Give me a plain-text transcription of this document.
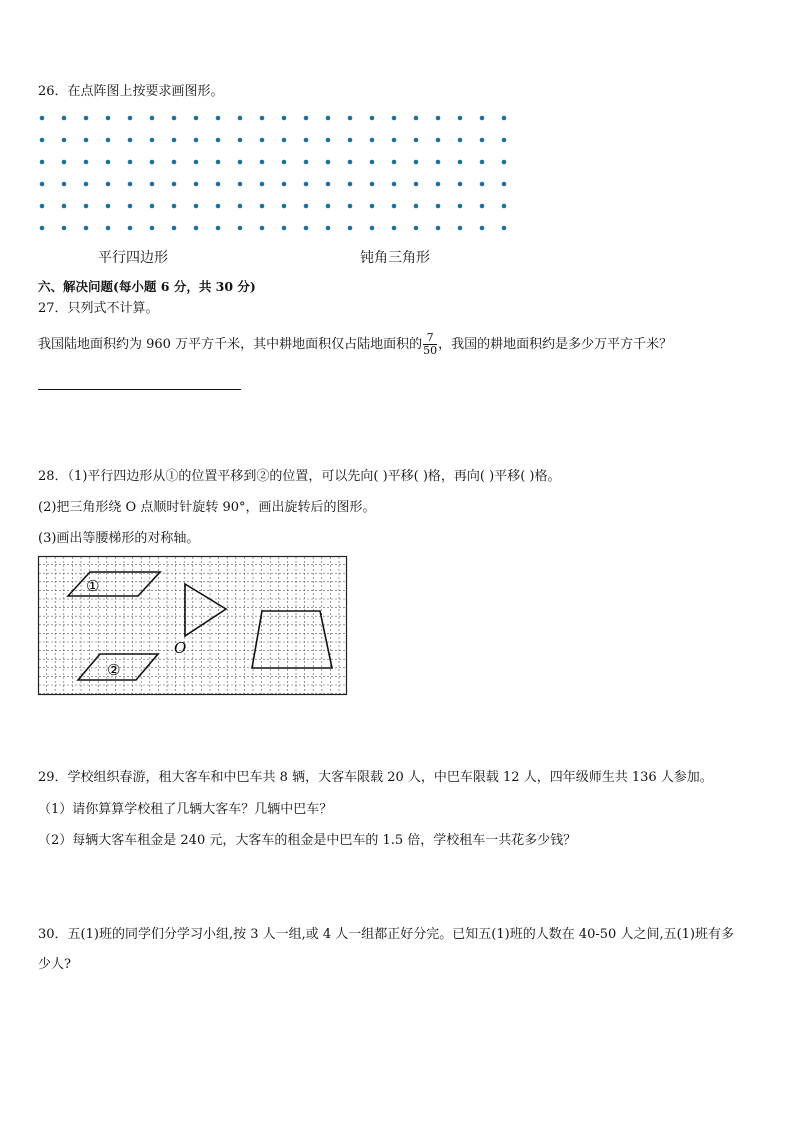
26．在点阵图上按要求画图形。
平行四边形	钝角三角形
六、解决问题(每小题 6 分，共 30 分)
27．只列式不计算。
我国陆地面积约为 960 万平方千米，其中耕地面积仅占陆地面积的 $\frac{7}{50}$ ，我国的耕地面积约是多少万平方千米？
28．（1)平行四边形从①的位置平移到②的位置，可以先向( )平移( )格，再向( )平移( )格。
(2)把三角形绕 O 点顺时针旋转 90°，画出旋转后的图形。
(3)画出等腰梯形的对称轴。
①
②
O
29．学校组织春游，租大客车和中巴车共 8 辆，大客车限载 20 人，中巴车限载 12 人，四年级师生共 136 人参加。
（1）请你算算学校租了几辆大客车？几辆中巴车？
（2）每辆大客车租金是 240 元，大客车的租金是中巴车的 1.5 倍，学校租车一共花多少钱？
30．五(1)班的同学们分学习小组,按 3 人一组,或 4 人一组都正好分完。已知五(1)班的人数在 40-50 人之间,五(1)班有多
少人?
